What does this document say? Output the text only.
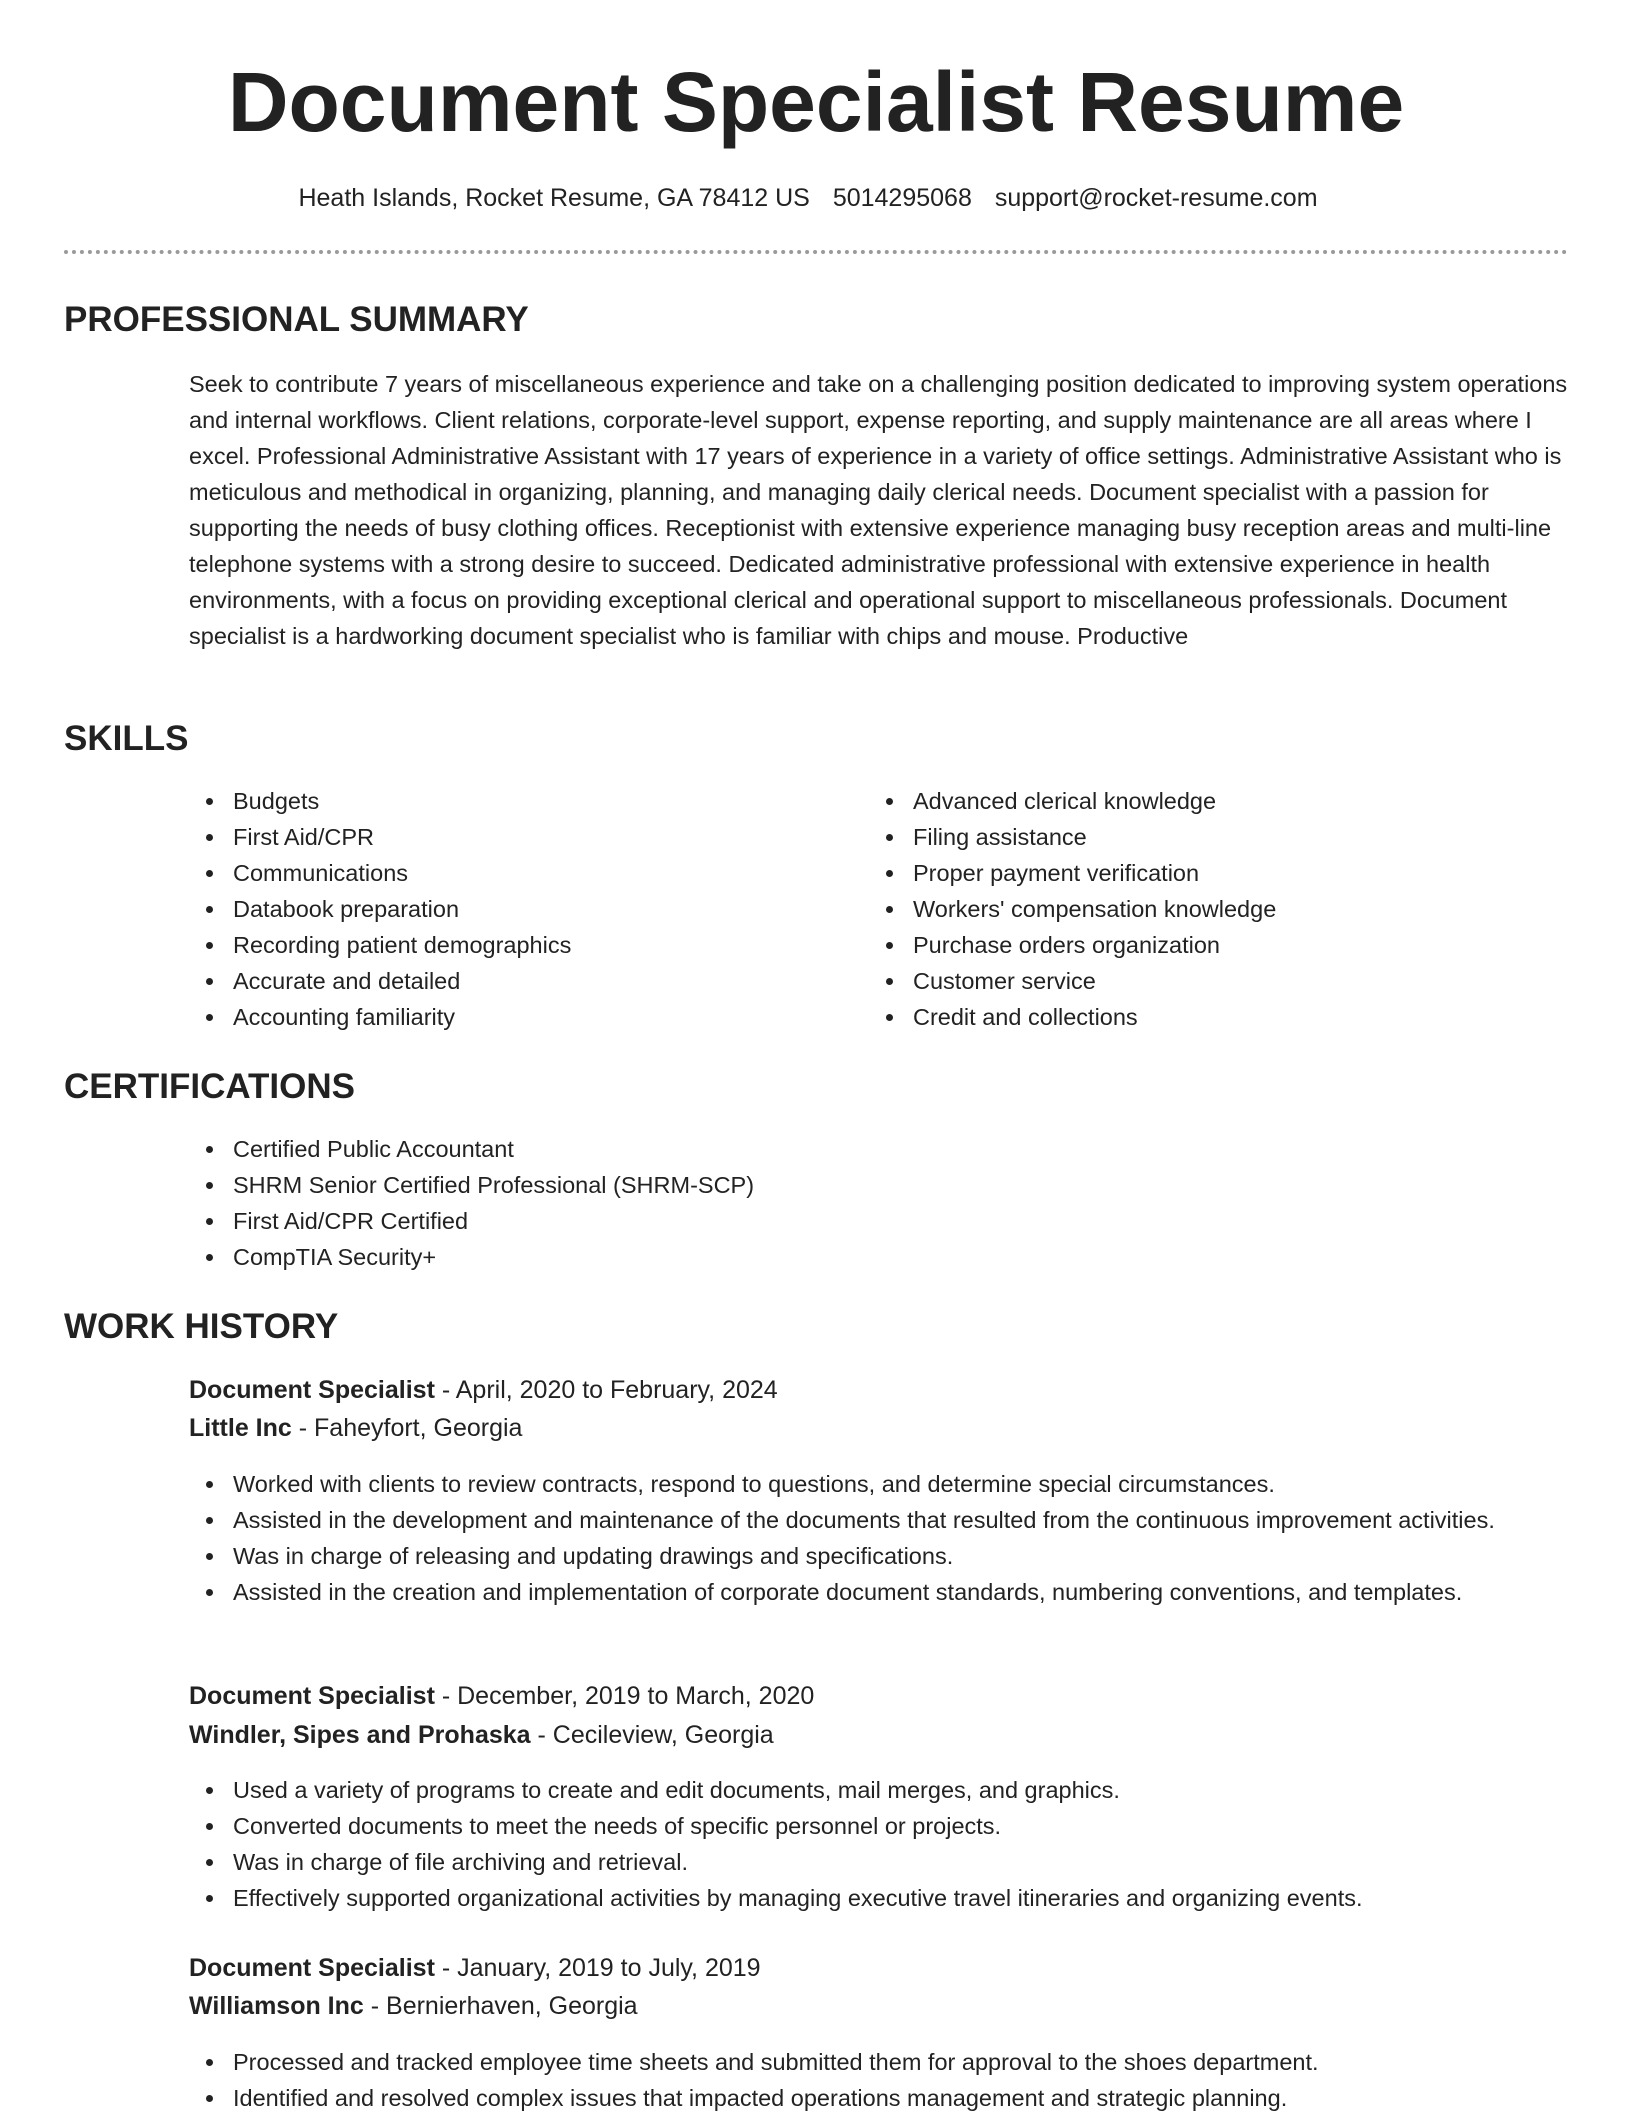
Document Specialist Resume
Heath Islands, Rocket Resume, GA 78412 US 5014295068 support@rocket-resume.com
PROFESSIONAL SUMMARY

Seek to contribute 7 years of miscellaneous experience and take on a challenging position dedicated to improving system operations and internal workflows. Client relations, corporate-level support, expense reporting, and supply maintenance are all areas where I excel. Professional Administrative Assistant with 17 years of experience in a variety of office settings. Administrative Assistant who is meticulous and methodical in organizing, planning, and managing daily clerical needs. Document specialist with a passion for supporting the needs of busy clothing offices. Receptionist with extensive experience managing busy reception areas and multi-line telephone systems with a strong desire to succeed. Dedicated administrative professional with extensive experience in health environments, with a focus on providing exceptional clerical and operational support to miscellaneous professionals. Document specialist is a hardworking document specialist who is familiar with chips and mouse. Productive

SKILLS
Budgets
First Aid/CPR
Communications
Databook preparation
Recording patient demographics
Accurate and detailed
Accounting familiarity
Advanced clerical knowledge
Filing assistance
Proper payment verification
Workers' compensation knowledge
Purchase orders organization
Customer service
Credit and collections
CERTIFICATIONS
Certified Public Accountant
SHRM Senior Certified Professional (SHRM-SCP)
First Aid/CPR Certified
CompTIA Security+
WORK HISTORY
Document Specialist - April, 2020 to February, 2024
Little Inc - Faheyfort, Georgia
Worked with clients to review contracts, respond to questions, and determine special circumstances.
Assisted in the development and maintenance of the documents that resulted from the continuous improvement activities.
Was in charge of releasing and updating drawings and specifications.
Assisted in the creation and implementation of corporate document standards, numbering conventions, and templates.
Document Specialist - December, 2019 to March, 2020
Windler, Sipes and Prohaska - Cecileview, Georgia
Used a variety of programs to create and edit documents, mail merges, and graphics.
Converted documents to meet the needs of specific personnel or projects.
Was in charge of file archiving and retrieval.
Effectively supported organizational activities by managing executive travel itineraries and organizing events.
Document Specialist - January, 2019 to July, 2019
Williamson Inc - Bernierhaven, Georgia
Processed and tracked employee time sheets and submitted them for approval to the shoes department.
Identified and resolved complex issues that impacted operations management and strategic planning.
